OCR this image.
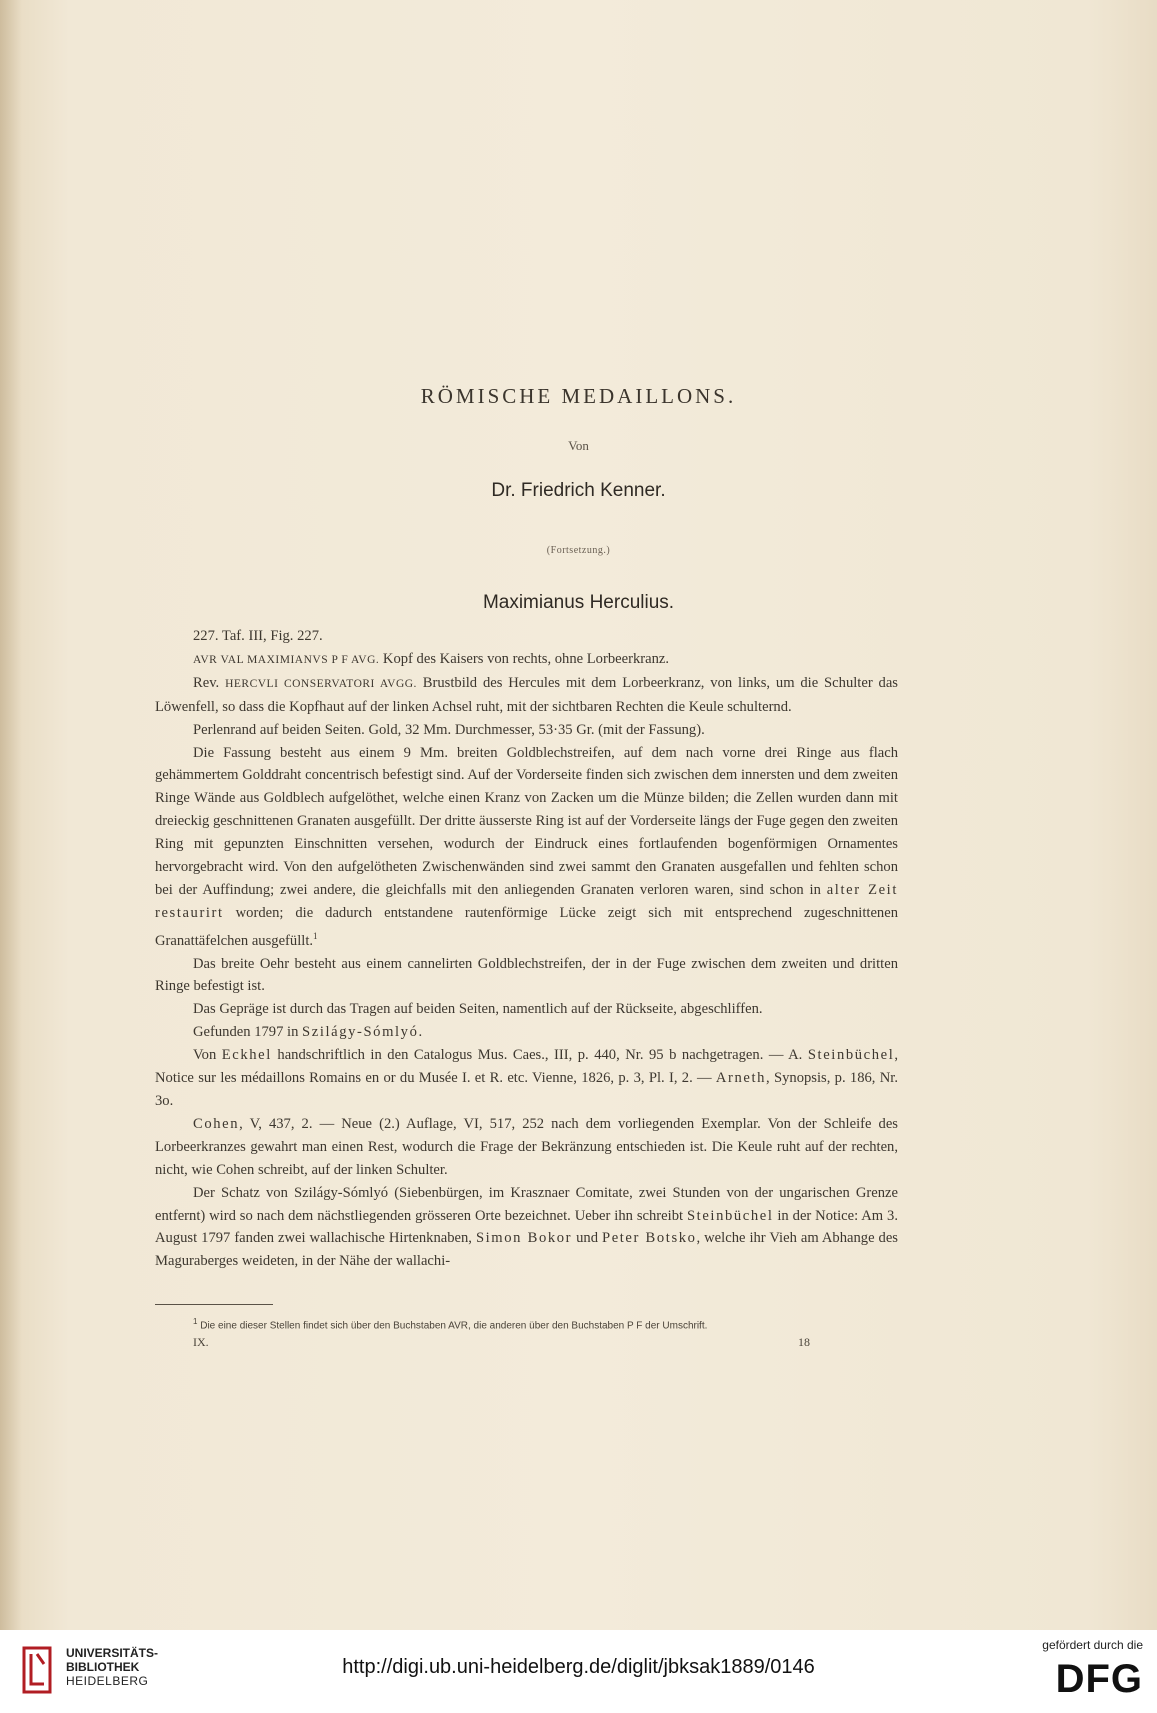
RÖMISCHE MEDAILLONS.
Von
Dr. Friedrich Kenner.
(Fortsetzung.)
Maximianus Herculius.

227. Taf. III, Fig. 227.

AVR VAL MAXIMIANVS P F AVG. Kopf des Kaisers von rechts, ohne Lorbeerkranz.

Rev. HERCVLI CONSERVATORI AVGG. Brustbild des Hercules mit dem Lorbeerkranz, von links, um die Schulter das Löwenfell, so dass die Kopfhaut auf der linken Achsel ruht, mit der sichtbaren Rechten die Keule schulternd.

Perlenrand auf beiden Seiten. Gold, 32 Mm. Durchmesser, 53·35 Gr. (mit der Fassung).

Die Fassung besteht aus einem 9 Mm. breiten Goldblechstreifen, auf dem nach vorne drei Ringe aus flach gehämmertem Golddraht concentrisch befestigt sind. Auf der Vorderseite finden sich zwischen dem innersten und dem zweiten Ringe Wände aus Goldblech aufgelöthet, welche einen Kranz von Zacken um die Münze bilden; die Zellen wurden dann mit dreieckig geschnittenen Granaten ausgefüllt. Der dritte äusserste Ring ist auf der Vorderseite längs der Fuge gegen den zweiten Ring mit gepunzten Einschnitten versehen, wodurch der Eindruck eines fortlaufenden bogenförmigen Ornamentes hervorgebracht wird. Von den aufgelötheten Zwischenwänden sind zwei sammt den Granaten ausgefallen und fehlten schon bei der Auffindung; zwei andere, die gleichfalls mit den anliegenden Granaten verloren waren, sind schon in alter Zeit restaurirt worden; die dadurch entstandene rautenförmige Lücke zeigt sich mit entsprechend zugeschnittenen Granattäfelchen ausgefüllt.$^1$

Das breite Oehr besteht aus einem cannelirten Goldblechstreifen, der in der Fuge zwischen dem zweiten und dritten Ringe befestigt ist.

Das Gepräge ist durch das Tragen auf beiden Seiten, namentlich auf der Rückseite, abgeschliffen.

Gefunden 1797 in Szilágy-Sómlyó.

Von Eckhel handschriftlich in den Catalogus Mus. Caes., III, p. 440, Nr. 95 b nachgetragen. — A. Steinbüchel, Notice sur les médaillons Romains en or du Musée I. et R. etc. Vienne, 1826, p. 3, Pl. I, 2. — Arneth, Synopsis, p. 186, Nr. 3o.

Cohen, V, 437, 2. — Neue (2.) Auflage, VI, 517, 252 nach dem vorliegenden Exemplar. Von der Schleife des Lorbeerkranzes gewahrt man einen Rest, wodurch die Frage der Bekränzung entschieden ist. Die Keule ruht auf der rechten, nicht, wie Cohen schreibt, auf der linken Schulter.

Der Schatz von Szilágy-Sómlyó (Siebenbürgen, im Krasznaer Comitate, zwei Stunden von der ungarischen Grenze entfernt) wird so nach dem nächstliegenden grösseren Orte bezeichnet. Ueber ihn schreibt Steinbüchel in der Notice: Am 3. August 1797 fanden zwei wallachische Hirtenknaben, Simon Bokor und Peter Botsko, welche ihr Vieh am Abhange des Maguraberges weideten, in der Nähe der wallachi-

$^1$ Die eine dieser Stellen findet sich über den Buchstaben AVR, die anderen über den Buchstaben P F der Umschrift.
IX.	18
UNIVERSITÄTS-
BIBLIOTHEK
HEIDELBERG
http://digi.ub.uni-heidelberg.de/diglit/jbksak1889/0146
gefördert durch die
DFG
